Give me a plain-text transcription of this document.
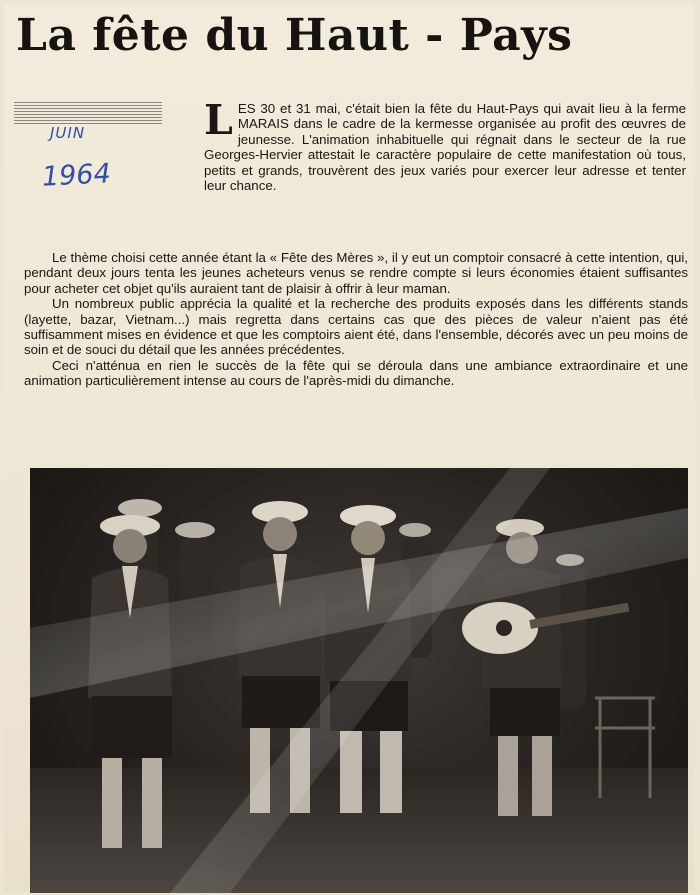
La fête du Haut - Pays
JUIN
1964

LES 30 et 31 mai, c'était bien la fête du Haut-Pays qui avait lieu à la ferme MARAIS dans le cadre de la kermesse organisée au profit des œuvres de jeunesse. L'animation inhabituelle qui régnait dans le secteur de la rue Georges-Hervier attestait le caractère populaire de cette manifestation où tous, petits et grands, trouvèrent des jeux variés pour exercer leur adresse et tenter leur chance.

Le thème choisi cette année étant la « Fête des Mères », il y eut un comptoir consacré à cette intention, qui, pendant deux jours tenta les jeunes acheteurs venus se rendre compte si leurs économies étaient suffisantes pour acheter cet objet qu'ils auraient tant de plaisir à offrir à leur maman.

Un nombreux public apprécia la qualité et la recherche des produits exposés dans les différents stands (layette, bazar, Vietnam...) mais regretta dans certains cas que des pièces de valeur n'aient pas été suffisamment mises en évidence et que les comptoirs aient été, dans l'ensemble, décorés avec un peu moins de soin et de souci du détail que les années précédentes.

Ceci n'atténua en rien le succès de la fête qui se déroula dans une ambiance extraordinaire et une animation particulièrement intense au cours de l'après-midi du dimanche.
